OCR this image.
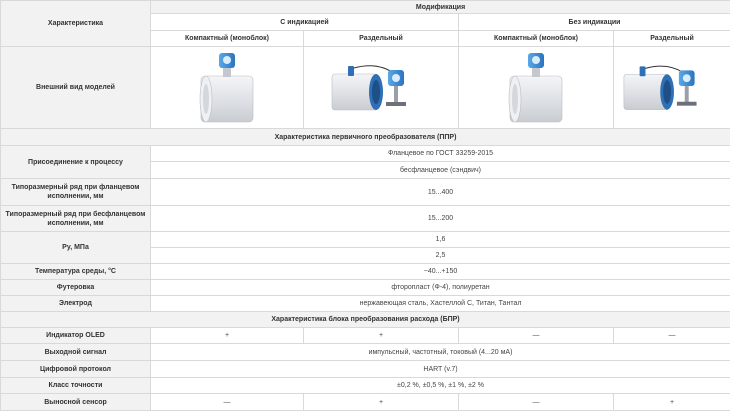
Характеристика	Модификация			
	С индикацией		Без индикации	
	Компактный (моноблок)	Раздельный	Компактный (моноблок)	Раздельный
Внешний вид моделей	

Характеристика первичного преобразователя (ППР)				
Присоединение к процессу	Фланцевое по ГОСТ 33259-2015			
	бесфланцевое (сэндвич)			
Типоразмерный ряд при фланцевом исполнении, мм	15...400			
Типоразмерный ряд при бесфланцевом исполнении, мм	15...200			
Ру, МПа	1,6			
	2,5			
Температура среды, °С	−40...+150			
Футеровка	фторопласт (Ф-4), полиуретан			
Электрод	нержавеющая сталь, Хастеллой С, Титан, Тантал			
Характеристика блока преобразования расхода (БПР)				
Индикатор OLED	+	+	—	—
Выходной сигнал	импульсный, частотный, токовый (4...20 мА)			
Цифровой протокол	HART (v.7)			
Класс точности	±0,2 %, ±0,5 %, ±1 %, ±2 %			
Выносной сенсор	—	+	—	+
